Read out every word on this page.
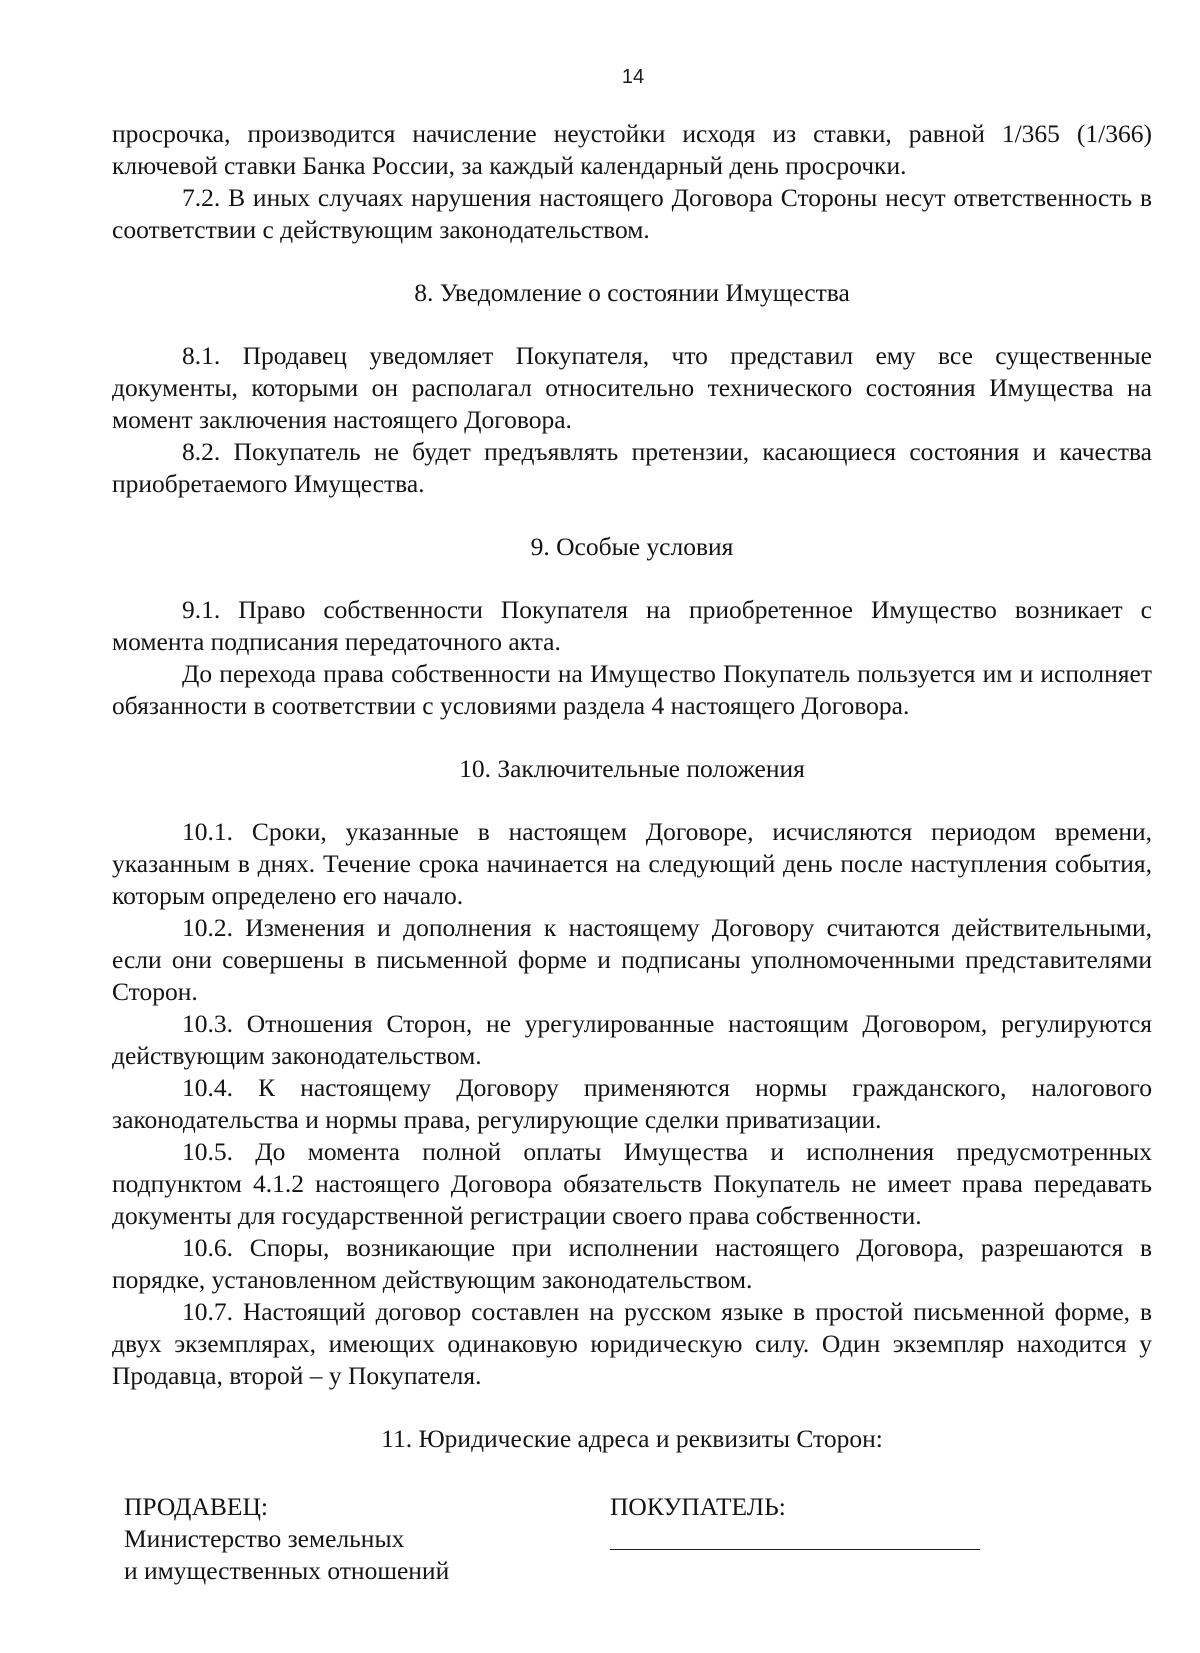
14

просрочка, производится начисление неустойки исходя из ставки, равной 1/365 (1/366) ключевой ставки Банка России, за каждый календарный день просрочки.

7.2. В иных случаях нарушения настоящего Договора Стороны несут ответственность в соответствии с действующим законодательством.

8. Уведомление о состоянии Имущества

8.1. Продавец уведомляет Покупателя, что представил ему все существенные документы, которыми он располагал относительно технического состояния Имущества на момент заключения настоящего Договора.

8.2. Покупатель не будет предъявлять претензии, касающиеся состояния и качества приобретаемого Имущества.

9. Особые условия

9.1. Право собственности Покупателя на приобретенное Имущество возникает с момента подписания передаточного акта.

До перехода права собственности на Имущество Покупатель пользуется им и исполняет обязанности в соответствии с условиями раздела 4 настоящего Договора.

10. Заключительные положения

10.1. Сроки, указанные в настоящем Договоре, исчисляются периодом времени, указанным в днях. Течение срока начинается на следующий день после наступления события, которым определено его начало.

10.2. Изменения и дополнения к настоящему Договору считаются действительными, если они совершены в письменной форме и подписаны уполномоченными представителями Сторон.

10.3. Отношения Сторон, не урегулированные настоящим Договором, регулируются действующим законодательством.

10.4. К настоящему Договору применяются нормы гражданского, налогового законодательства и нормы права, регулирующие сделки приватизации.

10.5. До момента полной оплаты Имущества и исполнения предусмотренных подпунктом 4.1.2 настоящего Договора обязательств Покупатель не имеет права передавать документы для государственной регистрации своего права собственности.

10.6. Споры, возникающие при исполнении настоящего Договора, разрешаются в порядке, установленном действующим законодательством.

10.7. Настоящий договор составлен на русском языке в простой письменной форме, в двух экземплярах, имеющих одинаковую юридическую силу. Один экземпляр находится у Продавца, второй – у Покупателя.

11. Юридические адреса и реквизиты Сторон:

ПРОДАВЕЦ:
Министерство земельных
и имущественных отношений
ПОКУПАТЕЛЬ:
